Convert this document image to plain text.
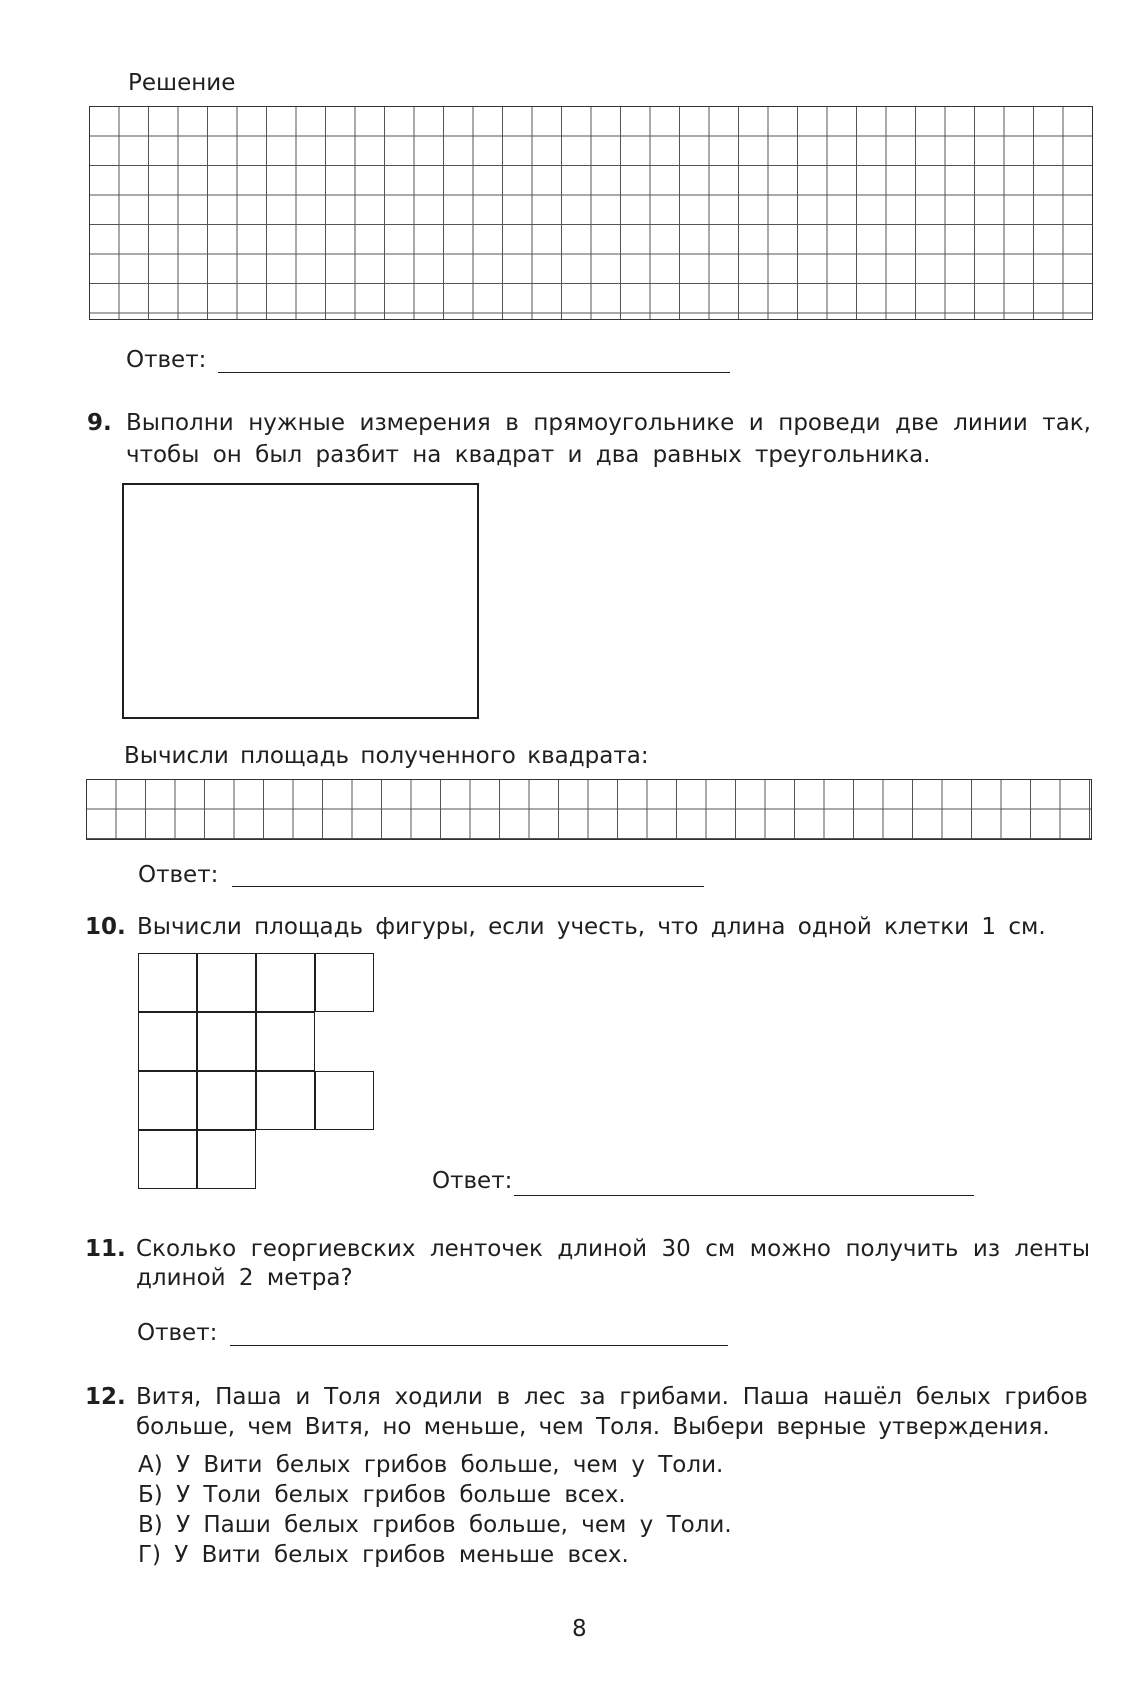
Решение
Ответ:
9. Выполни нужные измерения в прямоугольнике и проведи две линии так,
чтобы он был разбит на квадрат и два равных треугольника.
Вычисли площадь полученного квадрата:
Ответ:
10. Вычисли площадь фигуры, если учесть, что длина одной клетки 1 см.
Ответ:
11. Сколько георгиевских ленточек длиной 30 см можно получить из ленты
длиной 2 метра?
Ответ:
12. Витя, Паша и Толя ходили в лес за грибами. Паша нашёл белых грибов
больше, чем Витя, но меньше, чем Толя. Выбери верные утверждения.
А) У Вити белых грибов больше, чем у Толи.
Б) У Толи белых грибов больше всех.
В) У Паши белых грибов больше, чем у Толи.
Г) У Вити белых грибов меньше всех.
8
